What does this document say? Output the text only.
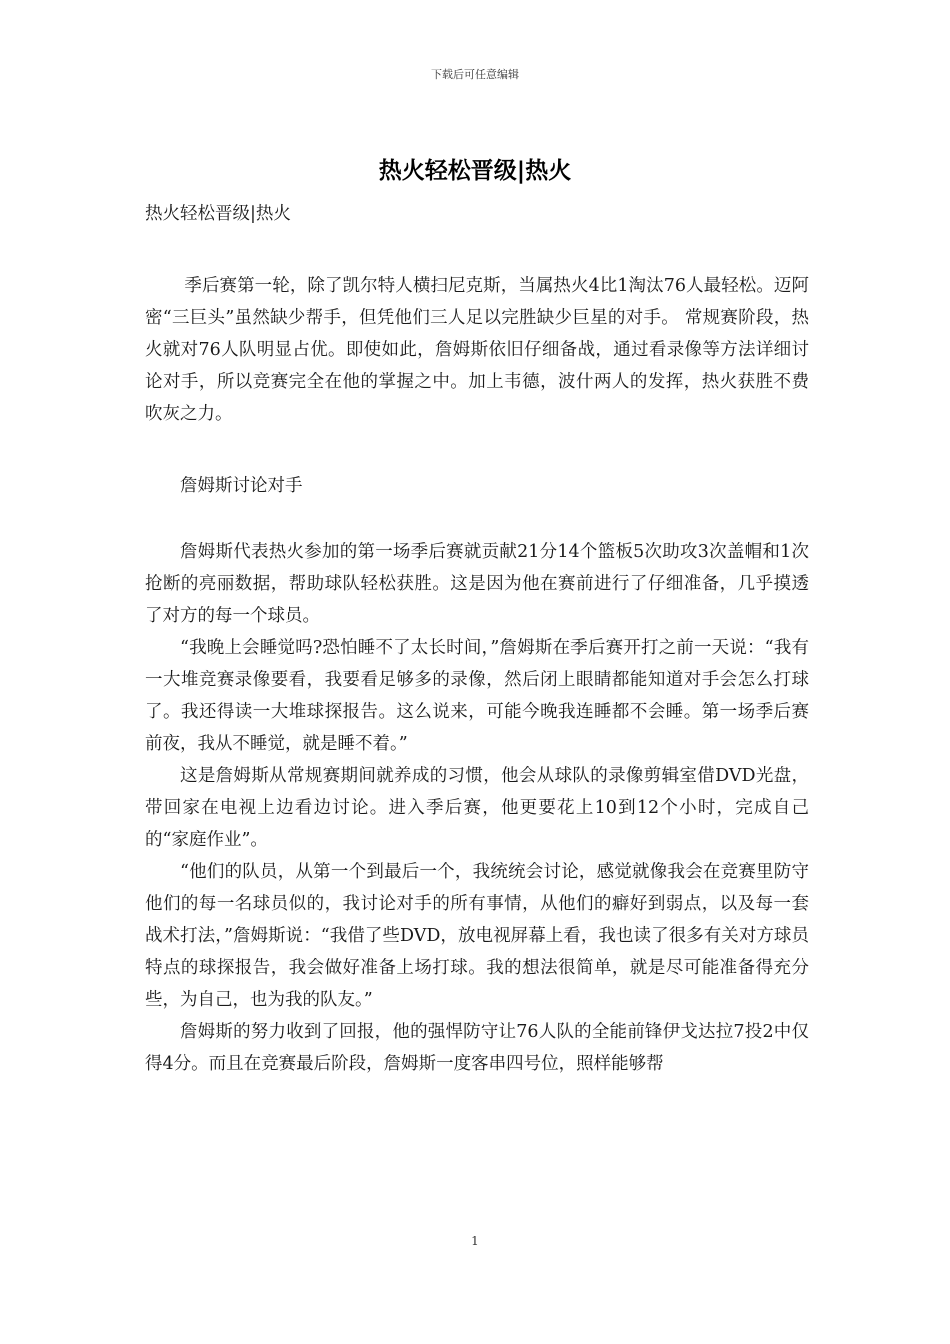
下载后可任意编辑
热火轻松晋级|热火

热火轻松晋级|热火

季后赛第一轮，除了凯尔特人横扫尼克斯，当属热火4比1淘汰76人最轻松。迈阿密“三巨头”虽然缺少帮手，但凭他们三人足以完胜缺少巨星的对手。 常规赛阶段，热火就对76人队明显占优。即使如此，詹姆斯依旧仔细备战，通过看录像等方法详细讨论对手，所以竞赛完全在他的掌握之中。加上韦德，波什两人的发挥，热火获胜不费吹灰之力。

詹姆斯讨论对手

詹姆斯代表热火参加的第一场季后赛就贡献21分14个篮板5次助攻3次盖帽和1次抢断的亮丽数据，帮助球队轻松获胜。这是因为他在赛前进行了仔细准备，几乎摸透了对方的每一个球员。

“我晚上会睡觉吗?恐怕睡不了太长时间，”詹姆斯在季后赛开打之前一天说：“我有一大堆竞赛录像要看，我要看足够多的录像，然后闭上眼睛都能知道对手会怎么打球了。我还得读一大堆球探报告。这么说来，可能今晚我连睡都不会睡。第一场季后赛前夜，我从不睡觉，就是睡不着。”

这是詹姆斯从常规赛期间就养成的习惯，他会从球队的录像剪辑室借DVD光盘，带回家在电视上边看边讨论。进入季后赛，他更要花上10到12个小时，完成自己的“家庭作业”。

“他们的队员，从第一个到最后一个，我统统会讨论，感觉就像我会在竞赛里防守他们的每一名球员似的，我讨论对手的所有事情，从他们的癖好到弱点，以及每一套战术打法，”詹姆斯说：“我借了些DVD，放电视屏幕上看，我也读了很多有关对方球员特点的球探报告，我会做好准备上场打球。我的想法很简单，就是尽可能准备得充分些，为自己，也为我的队友。”

詹姆斯的努力收到了回报，他的强悍防守让76人队的全能前锋伊戈达拉7投2中仅得4分。而且在竞赛最后阶段，詹姆斯一度客串四号位，照样能够帮

1
